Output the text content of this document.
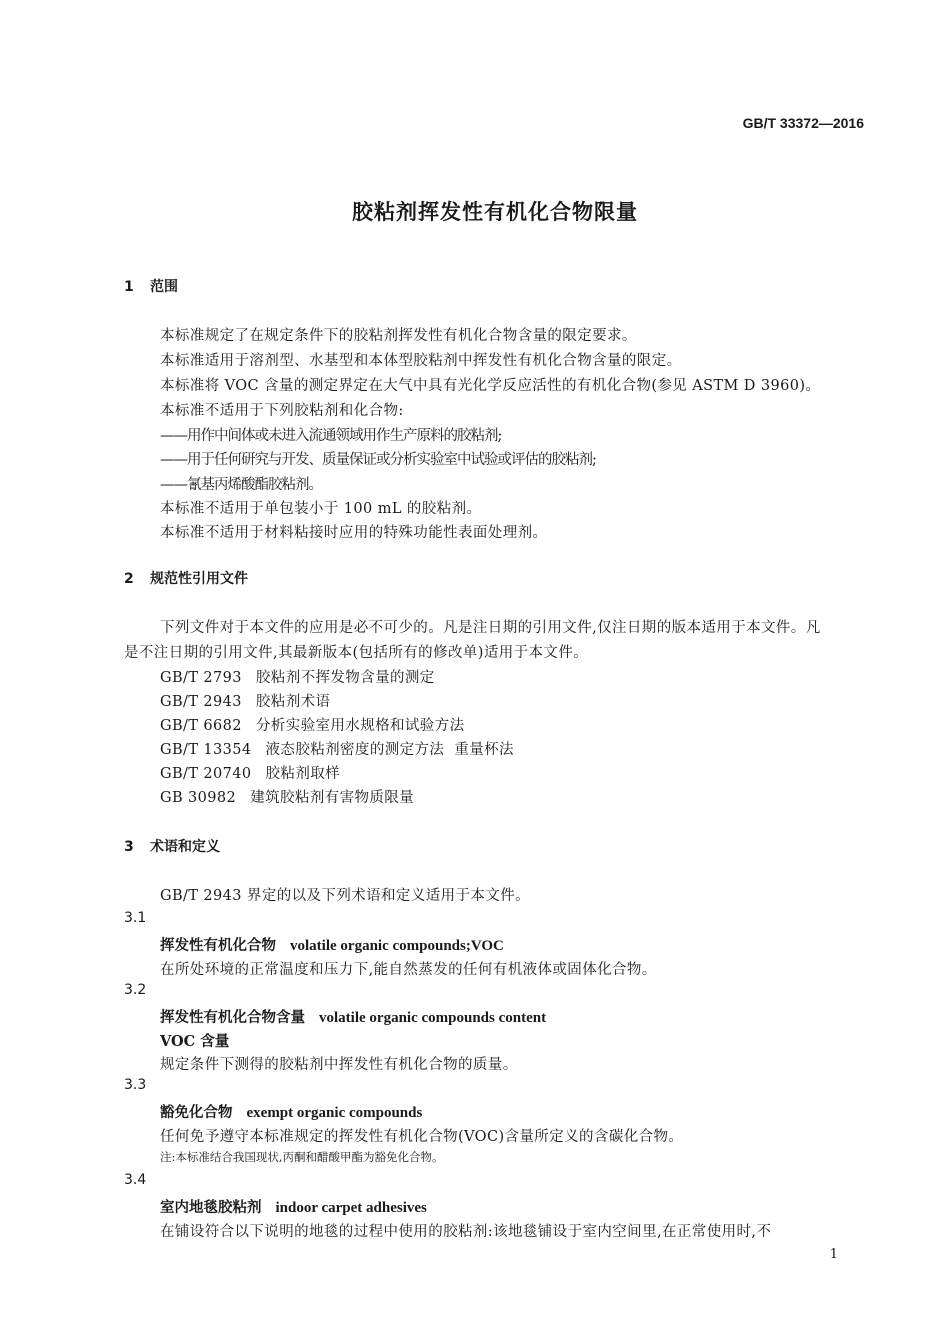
GB/T 33372—2016
胶粘剂挥发性有机化合物限量
1 范围
本标准规定了在规定条件下的胶粘剂挥发性有机化合物含量的限定要求。
本标准适用于溶剂型、水基型和本体型胶粘剂中挥发性有机化合物含量的限定。
本标准将 VOC 含量的测定界定在大气中具有光化学反应活性的有机化合物(参见 ASTM D 3960)。
本标准不适用于下列胶粘剂和化合物:
——用作中间体或未进入流通领域用作生产原料的胶粘剂;
——用于任何研究与开发、质量保证或分析实验室中试验或评估的胶粘剂;
——氰基丙烯酸酯胶粘剂。
本标准不适用于单包装小于 100 mL 的胶粘剂。
本标准不适用于材料粘接时应用的特殊功能性表面处理剂。
2 规范性引用文件
下列文件对于本文件的应用是必不可少的。凡是注日期的引用文件,仅注日期的版本适用于本文件。凡是不注日期的引用文件,其最新版本(包括所有的修改单)适用于本文件。
GB/T 2793 胶粘剂不挥发物含量的测定
GB/T 2943 胶粘剂术语
GB/T 6682 分析实验室用水规格和试验方法
GB/T 13354 液态胶粘剂密度的测定方法  重量杯法
GB/T 20740 胶粘剂取样
GB 30982 建筑胶粘剂有害物质限量
3 术语和定义
GB/T 2943 界定的以及下列术语和定义适用于本文件。
3.1
挥发性有机化合物 volatile organic compounds;VOC
在所处环境的正常温度和压力下,能自然蒸发的任何有机液体或固体化合物。
3.2
挥发性有机化合物含量 volatile organic compounds content
VOC 含量
规定条件下测得的胶粘剂中挥发性有机化合物的质量。
3.3
豁免化合物 exempt organic compounds
任何免予遵守本标准规定的挥发性有机化合物(VOC)含量所定义的含碳化合物。
注:本标准结合我国现状,丙酮和醋酸甲酯为豁免化合物。
3.4
室内地毯胶粘剂 indoor carpet adhesives
在铺设符合以下说明的地毯的过程中使用的胶粘剂:该地毯铺设于室内空间里,在正常使用时,不
1
